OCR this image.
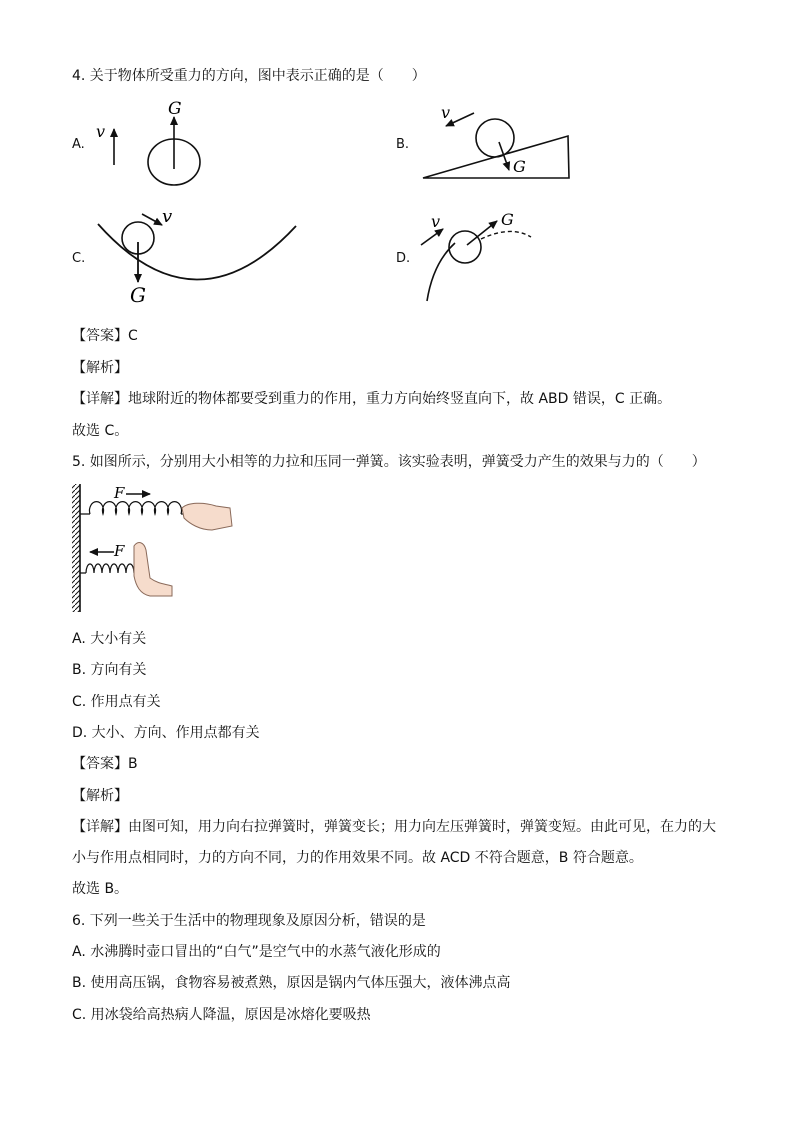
4. 关于物体所受重力的方向，图中表示正确的是（　　）
A.
v
G
B.
v
G
C.
v
G
D.
v	G
【答案】C
【解析】
【详解】地球附近的物体都要受到重力的作用，重力方向始终竖直向下，故 ABD 错误，C 正确。
故选 C。
5. 如图所示，分别用大小相等的力拉和压同一弹簧。该实验表明，弹簧受力产生的效果与力的（　　）
F
F
A. 大小有关
B. 方向有关
C. 作用点有关
D. 大小、方向、作用点都有关
【答案】B
【解析】
【详解】由图可知，用力向右拉弹簧时，弹簧变长；用力向左压弹簧时，弹簧变短。由此可见，在力的大
小与作用点相同时，力的方向不同，力的作用效果不同。故 ACD 不符合题意，B 符合题意。
故选 B。
6. 下列一些关于生活中的物理现象及原因分析，错误的是
A. 水沸腾时壶口冒出的“白气”是空气中的水蒸气液化形成的
B. 使用高压锅，食物容易被煮熟，原因是锅内气体压强大，液体沸点高
C. 用冰袋给高热病人降温，原因是冰熔化要吸热
